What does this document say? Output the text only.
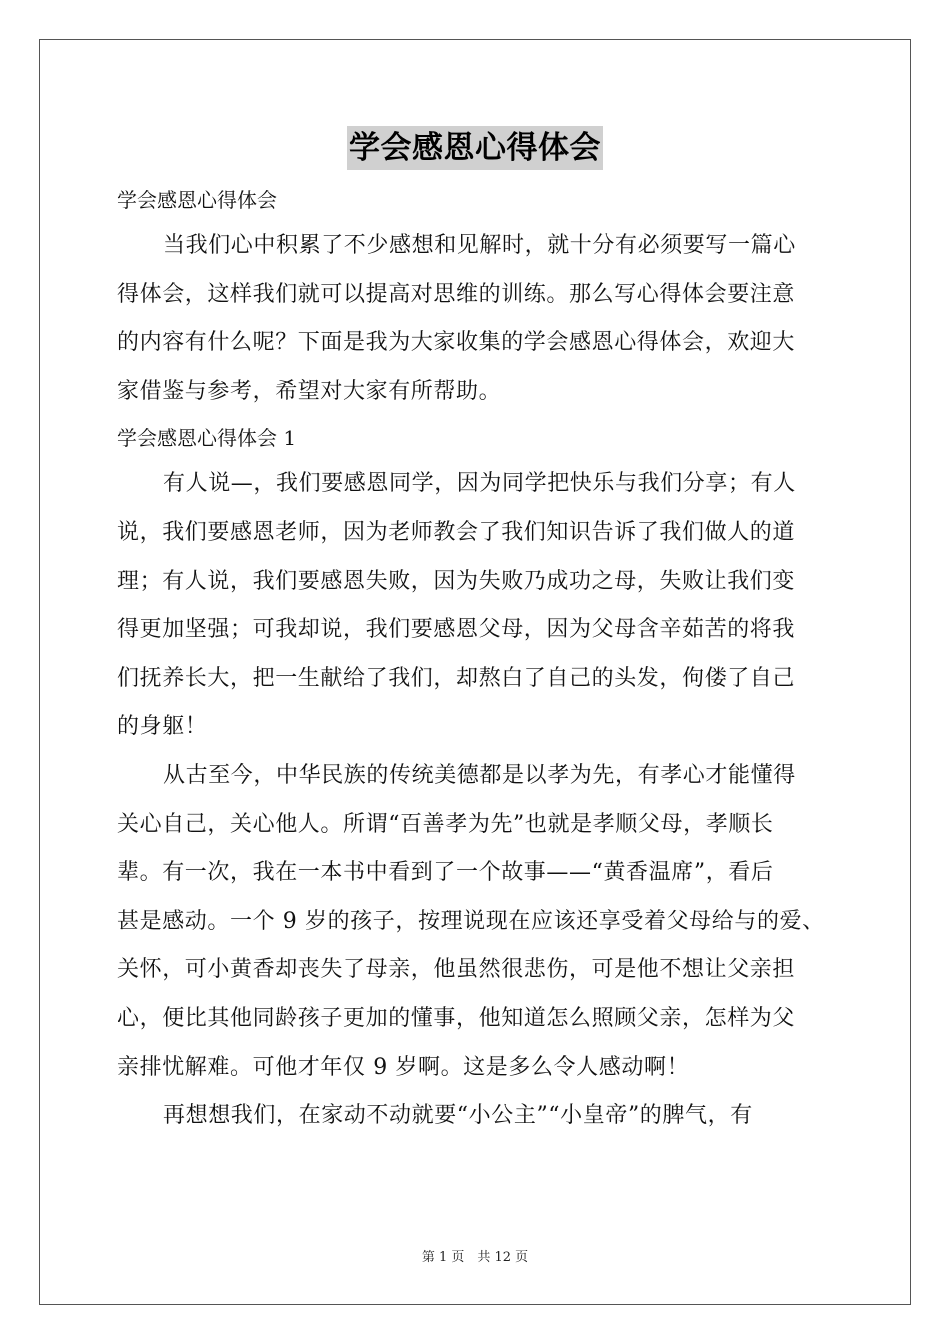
学会感恩心得体会
学会感恩心得体会
当我们心中积累了不少感想和见解时，就十分有必须要写一篇心
得体会，这样我们就可以提高对思维的训练。那么写心得体会要注意
的内容有什么呢？下面是我为大家收集的学会感恩心得体会，欢迎大
家借鉴与参考，希望对大家有所帮助。
学会感恩心得体会 1
有人说—，我们要感恩同学，因为同学把快乐与我们分享；有人
说，我们要感恩老师，因为老师教会了我们知识告诉了我们做人的道
理；有人说，我们要感恩失败，因为失败乃成功之母，失败让我们变
得更加坚强；可我却说，我们要感恩父母，因为父母含辛茹苦的将我
们抚养长大，把一生献给了我们，却熬白了自己的头发，佝偻了自己
的身躯！
从古至今，中华民族的传统美德都是以孝为先，有孝心才能懂得
关心自己，关心他人。所谓“百善孝为先”也就是孝顺父母，孝顺长
辈。有一次，我在一本书中看到了一个故事——“黄香温席”，看后
甚是感动。一个 9 岁的孩子，按理说现在应该还享受着父母给与的爱、
关怀，可小黄香却丧失了母亲，他虽然很悲伤，可是他不想让父亲担
心，便比其他同龄孩子更加的懂事，他知道怎么照顾父亲，怎样为父
亲排忧解难。可他才年仅 9 岁啊。这是多么令人感动啊！
再想想我们，在家动不动就要“小公主”“小皇帝”的脾气，有
第 1 页　共 12 页
